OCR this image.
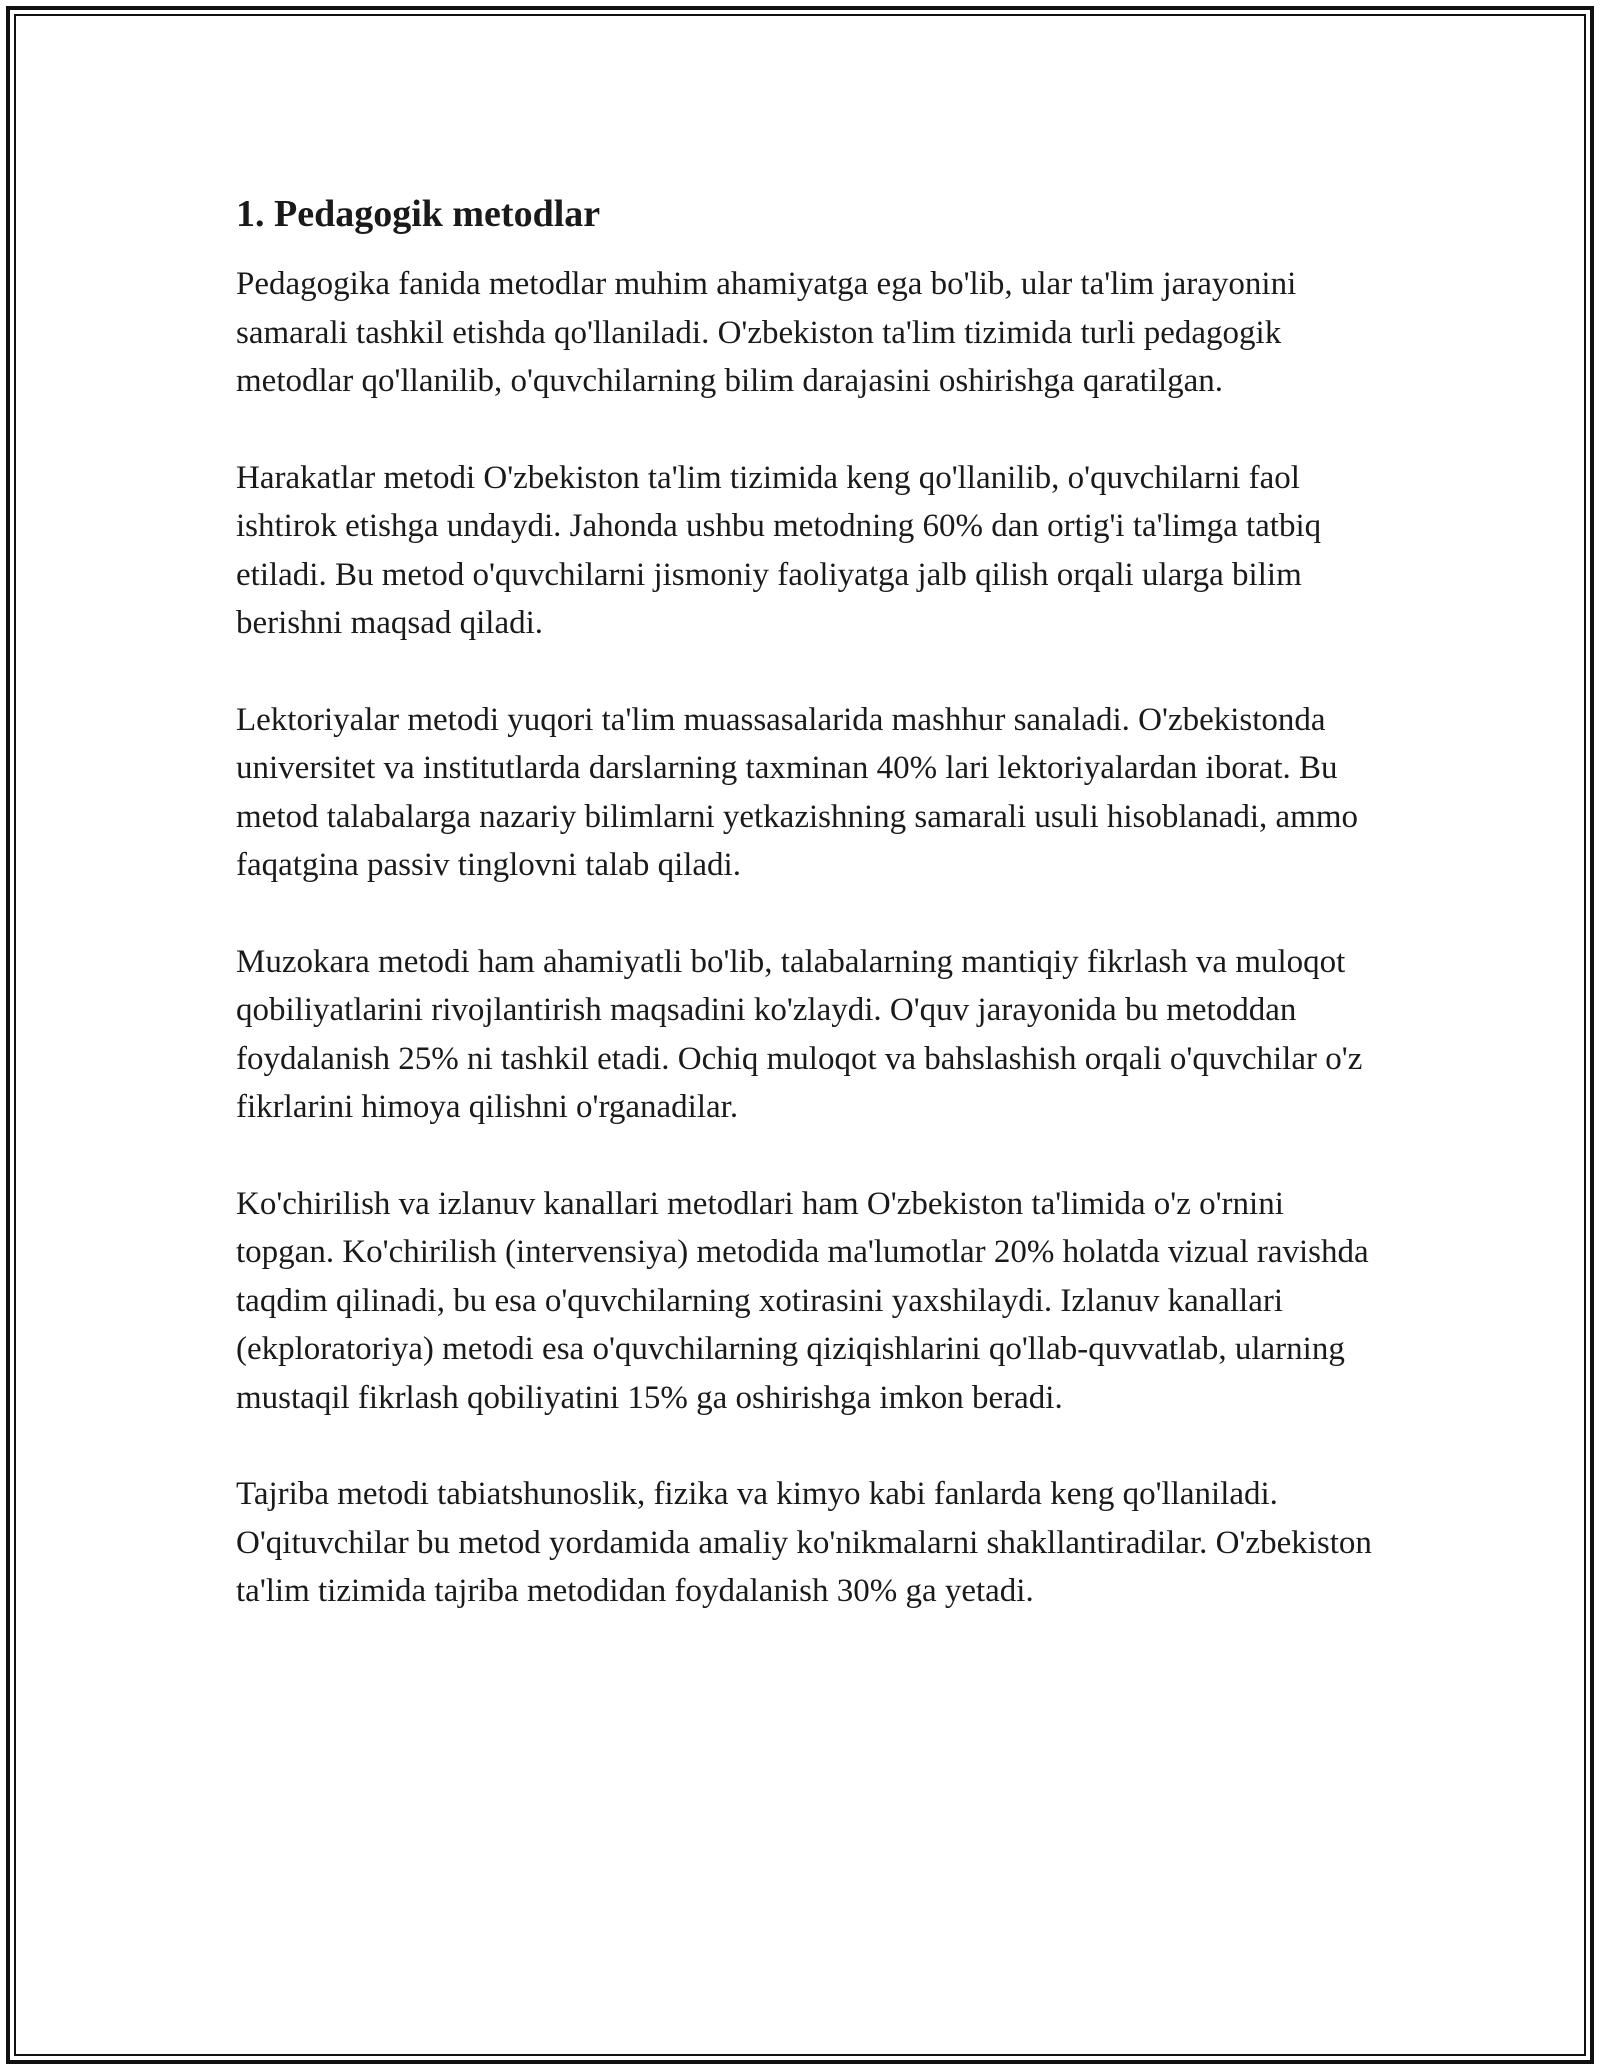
1. Pedagogik metodlar

Pedagogika fanida metodlar muhim ahamiyatga ega bo'lib, ular ta'lim jarayonini samarali tashkil etishda qo'llaniladi. O'zbekiston ta'lim tizimida turli pedagogik metodlar qo'llanilib, o'quvchilarning bilim darajasini oshirishga qaratilgan.

Harakatlar metodi O'zbekiston ta'lim tizimida keng qo'llanilib, o'quvchilarni faol ishtirok etishga undaydi. Jahonda ushbu metodning 60% dan ortig'i ta'limga tatbiq etiladi. Bu metod o'quvchilarni jismoniy faoliyatga jalb qilish orqali ularga bilim berishni maqsad qiladi.

Lektoriyalar metodi yuqori ta'lim muassasalarida mashhur sanaladi. O'zbekistonda universitet va institutlarda darslarning taxminan 40% lari lektoriyalardan iborat. Bu metod talabalarga nazariy bilimlarni yetkazishning samarali usuli hisoblanadi, ammo faqatgina passiv tinglovni talab qiladi.

Muzokara metodi ham ahamiyatli bo'lib, talabalarning mantiqiy fikrlash va muloqot qobiliyatlarini rivojlantirish maqsadini ko'zlaydi. O'quv jarayonida bu metoddan foydalanish 25% ni tashkil etadi. Ochiq muloqot va bahslashish orqali o'quvchilar o'z fikrlarini himoya qilishni o'rganadilar.

Ko'chirilish va izlanuv kanallari metodlari ham O'zbekiston ta'limida o'z o'rnini topgan. Ko'chirilish (intervensiya) metodida ma'lumotlar 20% holatda vizual ravishda taqdim qilinadi, bu esa o'quvchilarning xotirasini yaxshilaydi. Izlanuv kanallari (ekploratoriya) metodi esa o'quvchilarning qiziqishlarini qo'llab-quvvatlab, ularning mustaqil fikrlash qobiliyatini 15% ga oshirishga imkon beradi.

Tajriba metodi tabiatshunoslik, fizika va kimyo kabi fanlarda keng qo'llaniladi. O'qituvchilar bu metod yordamida amaliy ko'nikmalarni shakllantiradilar. O'zbekiston ta'lim tizimida tajriba metodidan foydalanish 30% ga yetadi.
